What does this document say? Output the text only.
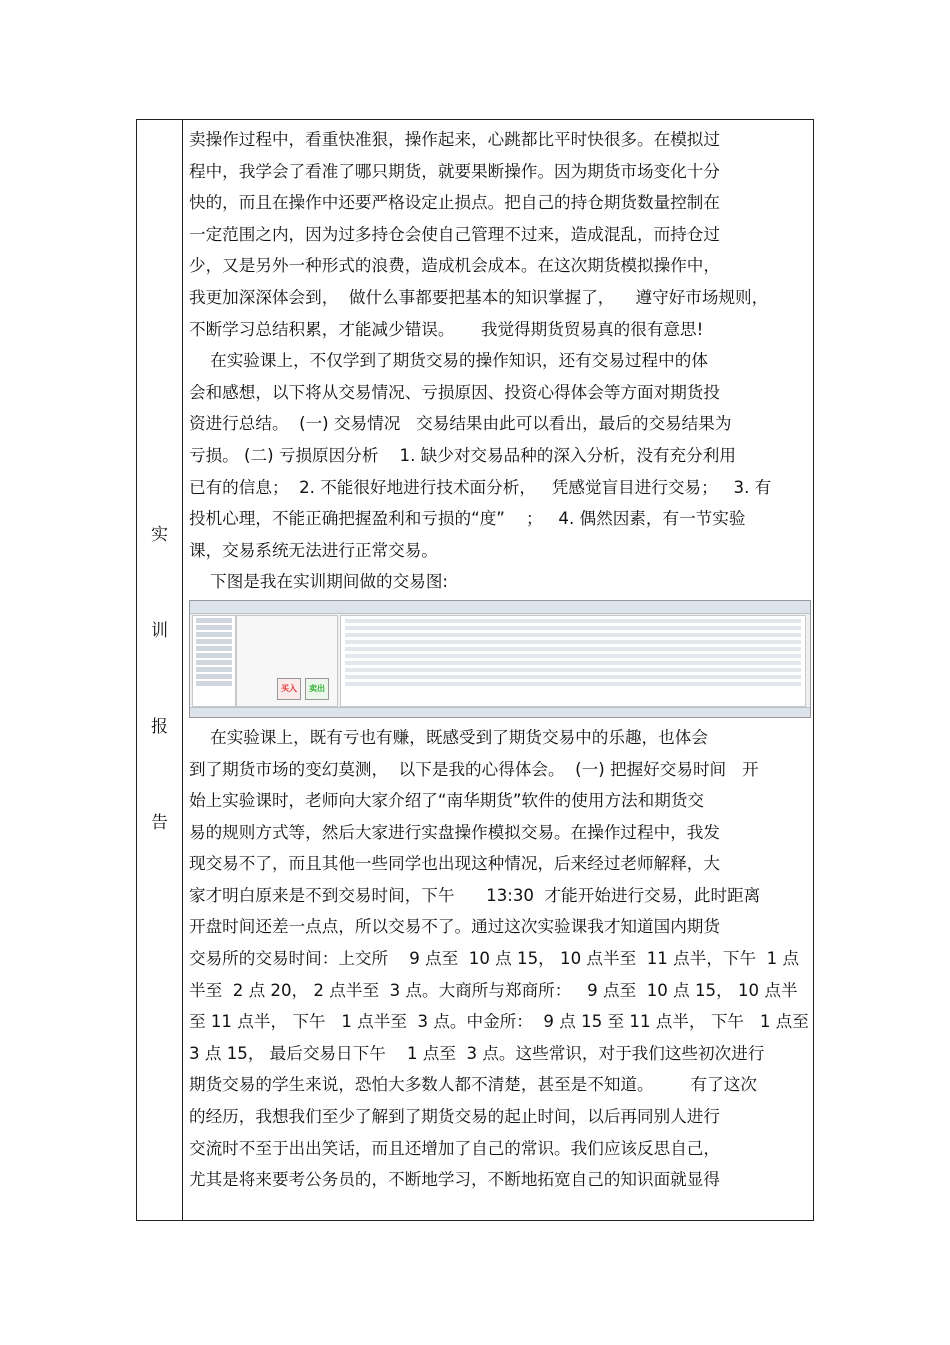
实
训
报
告
卖操作过程中，看重快准狠，操作起来，心跳都比平时快很多。在模拟过
程中，我学会了看准了哪只期货，就要果断操作。因为期货市场变化十分
快的，而且在操作中还要严格设定止损点。把自己的持仓期货数量控制在
一定范围之内，因为过多持仓会使自己管理不过来，造成混乱，而持仓过
少，又是另外一种形式的浪费，造成机会成本。在这次期货模拟操作中，
我更加深深体会到，  做什么事都要把基本的知识掌握了，    遵守好市场规则，
不断学习总结积累，才能减少错误。     我觉得期货贸易真的很有意思!
在实验课上，不仅学到了期货交易的操作知识，还有交易过程中的体
会和感想，以下将从交易情况、亏损原因、投资心得体会等方面对期货投
资进行总结。  (一) 交易情况   交易结果由此可以看出，最后的交易结果为
亏损。 (二) 亏损原因分析    1. 缺少对交易品种的深入分析，没有充分利用
已有的信息；  2. 不能很好地进行技术面分析，   凭感觉盲目进行交易；   3. 有
投机心理，不能正确把握盈利和亏损的“度”    ；   4. 偶然因素，有一节实验
课，交易系统无法进行正常交易。
下图是我在实训期间做的交易图:
买入	卖出
在实验课上，既有亏也有赚，既感受到了期货交易中的乐趣，也体会
到了期货市场的变幻莫测，  以下是我的心得体会。  (一) 把握好交易时间   开
始上实验课时，老师向大家介绍了“南华期货”软件的使用方法和期货交
易的规则方式等，然后大家进行实盘操作模拟交易。在操作过程中，我发
现交易不了，而且其他一些同学也出现这种情况，后来经过老师解释，大
家才明白原来是不到交易时间，下午      13:30  才能开始进行交易，此时距离
开盘时间还差一点点，所以交易不了。通过这次实验课我才知道国内期货
交易所的交易时间：上交所    9 点至  10 点 15， 10 点半至  11 点半，下午  1 点
半至  2 点 20， 2 点半至  3 点。大商所与郑商所：   9 点至  10 点 15， 10 点半
至 11 点半， 下午   1 点半至  3 点。中金所：  9 点 15 至 11 点半， 下午   1 点至
3 点 15， 最后交易日下午    1 点至  3 点。这些常识，对于我们这些初次进行
期货交易的学生来说，恐怕大多数人都不清楚，甚至是不知道。       有了这次
的经历，我想我们至少了解到了期货交易的起止时间，以后再同别人进行
交流时不至于出出笑话，而且还增加了自己的常识。我们应该反思自己，
尤其是将来要考公务员的，不断地学习，不断地拓宽自己的知识面就显得
